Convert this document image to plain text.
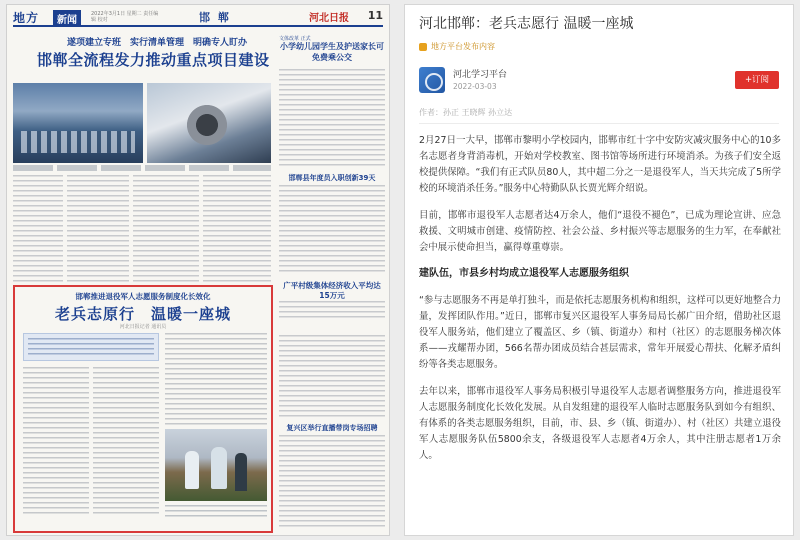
地方	新闻
2022年3月1日 星期二 责任编辑 校对	邯 郸	河北日报 11
遂项建立专班　实行清单管理　明确专人盯办
邯郸全流程发力推动重点项目建设
文体改革 正式
小学幼儿园学生及护送家长可免费乘公交
邯郸县年度员入职创新39天
广平村级集体经济收入平均达15万元
复兴区举行直播带岗专场招聘
邯郸推进退役军人志愿服务制度化长效化
老兵志原行　温暖一座城
河北日报记者 通讯员
河北邯郸：老兵志愿行 温暖一座城
地方平台发布内容
河北学习平台
2022-03-03
+订阅
作者：孙正 王晓辉 孙立达

2月27日一大早，邯郸市黎明小学校园内，邯郸市红十字中安防灾减灾服务中心的10多名志愿者身背消毒机，开始对学校教室、图书馆等场所进行环境消杀。为孩子们安全返校提供保障。“我们有正式队员80人，其中超二分之一是退役军人，当天共完成了5所学校的环境消杀任务。”服务中心特勤队队长贾光辉介绍说。

目前，邯郸市退役军人志愿者达4万余人，他们“退役不褪色”，已成为理论宣讲、应急救援、文明城市创建、疫情防控、社会公益、乡村振兴等志愿服务的生力军，在奉献社会中展示使命担当，赢得尊重尊崇。

建队伍，市县乡村均成立退役军人志愿服务组织

“参与志愿服务不再是单打独斗，而是依托志愿服务机构和组织，这样可以更好地整合力量，发挥团队作用。”近日，邯郸市复兴区退役军人事务局局长郝广田介绍，借助社区退役军人服务站，他们建立了覆盖区、乡（镇、街道办）和村（社区）的志愿服务梯次体系——戎耀帮办团，566名帮办团成员结合甚层需求，常年开展爱心帮扶、化解矛盾纠纷等各类志愿服务。

去年以来，邯郸市退役军人事务局积极引导退役军人志愿者调整服务方向，推进退役军人志愿服务制度化长效化发展。从自发组建的退役军人临时志愿服务队到如今有组织、有体系的各类志愿服务组织，目前，市、县、乡（镇、街道办）、村（社区）共建立退役军人志愿服务队伍5800余支，各级退役军人志愿者4万余人，其中注册志愿者1万余人。
